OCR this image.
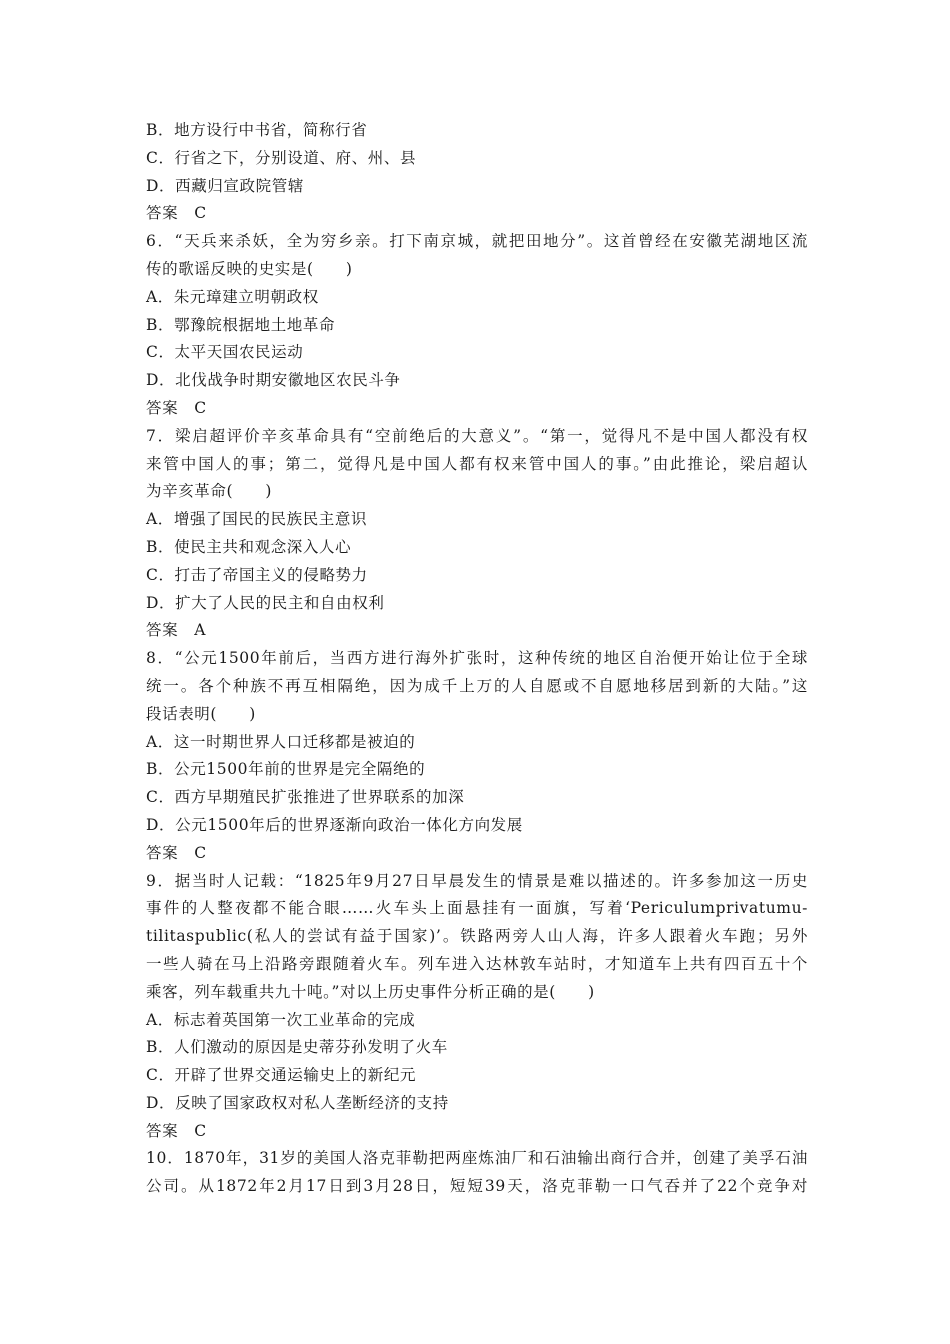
B．地方设行中书省，简称行省
C．行省之下，分别设道、府、州、县
D．西藏归宣政院管辖
答案　C
6．“天兵来杀妖，全为穷乡亲。打下南京城，就把田地分”。这首曾经在安徽芜湖地区流
传的歌谣反映的史实是(　　)
A．朱元璋建立明朝政权
B．鄂豫皖根据地土地革命
C．太平天国农民运动
D．北伐战争时期安徽地区农民斗争
答案　C
7．梁启超评价辛亥革命具有“空前绝后的大意义”。“第一，觉得凡不是中国人都没有权
来管中国人的事；第二，觉得凡是中国人都有权来管中国人的事。”由此推论，梁启超认
为辛亥革命(　　)
A．增强了国民的民族民主意识
B．使民主共和观念深入人心
C．打击了帝国主义的侵略势力
D．扩大了人民的民主和自由权利
答案　A
8．“公元1500年前后，当西方进行海外扩张时，这种传统的地区自治便开始让位于全球
统一。各个种族不再互相隔绝，因为成千上万的人自愿或不自愿地移居到新的大陆。”这
段话表明(　　)
A．这一时期世界人口迁移都是被迫的
B．公元1500年前的世界是完全隔绝的
C．西方早期殖民扩张推进了世界联系的加深
D．公元1500年后的世界逐渐向政治一体化方向发展
答案　C
9．据当时人记载：“1825年9月27日早晨发生的情景是难以描述的。许多参加这一历史
事件的人整夜都不能合眼……火车头上面悬挂有一面旗，写着‘Periculumprivatumu-
tilitaspublic(私人的尝试有益于国家)’。铁路两旁人山人海，许多人跟着火车跑；另外
一些人骑在马上沿路旁跟随着火车。列车进入达林敦车站时，才知道车上共有四百五十个
乘客，列车载重共九十吨。”对以上历史事件分析正确的是(　　)
A．标志着英国第一次工业革命的完成
B．人们激动的原因是史蒂芬孙发明了火车
C．开辟了世界交通运输史上的新纪元
D．反映了国家政权对私人垄断经济的支持
答案　C
10．1870年，31岁的美国人洛克菲勒把两座炼油厂和石油输出商行合并，创建了美孚石油
公司。从1872年2月17日到3月28日，短短39天，洛克菲勒一口气吞并了22个竞争对
